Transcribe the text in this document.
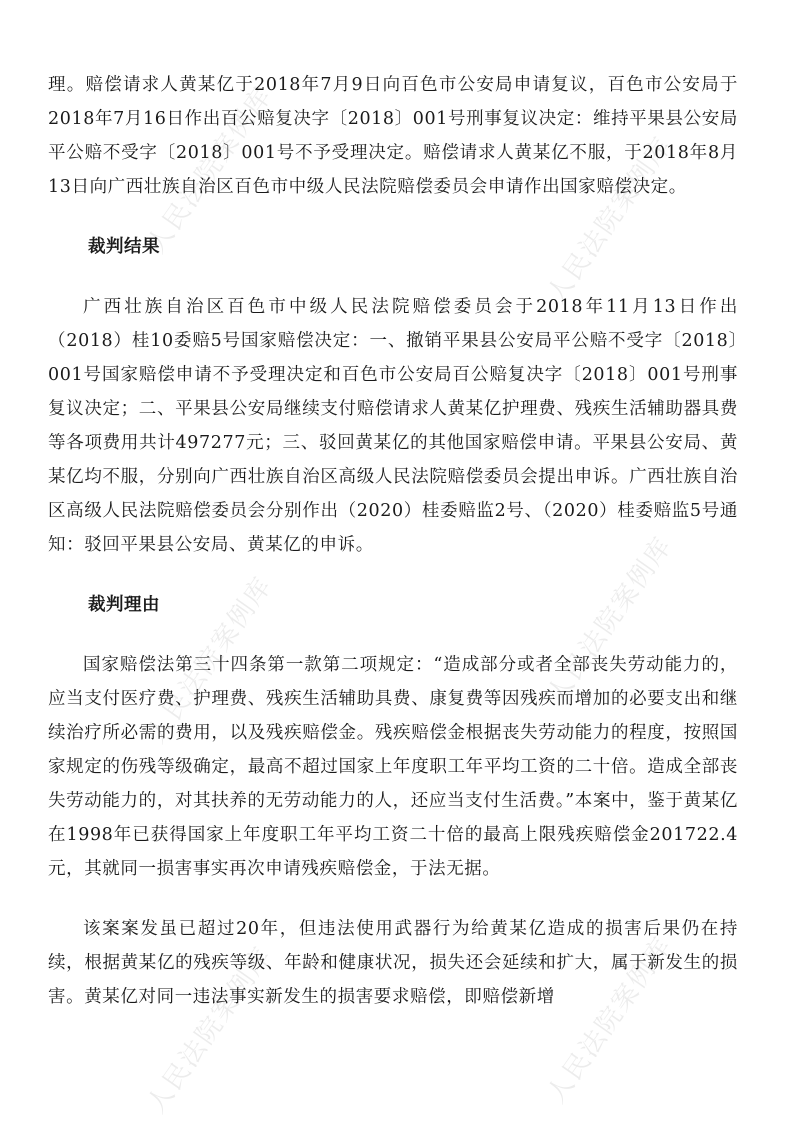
人民法院案例库	人民法院案例库
人民法院案例库	人民法院案例库
人民法院案例库	人民法院案例库

理。赔偿请求人黄某亿于2018年7月9日向百色市公安局申请复议，百色市公安局于2018年7月16日作出百公赔复决字〔2018〕001号刑事复议决定：维持平果县公安局平公赔不受字〔2018〕001号不予受理决定。赔偿请求人黄某亿不服，于2018年8月13日向广西壮族自治区百色市中级人民法院赔偿委员会申请作出国家赔偿决定。

裁判结果

广西壮族自治区百色市中级人民法院赔偿委员会于2018年11月13日作出（2018）桂10委赔5号国家赔偿决定：一、撤销平果县公安局平公赔不受字〔2018〕001号国家赔偿申请不予受理决定和百色市公安局百公赔复决字〔2018〕001号刑事复议决定；二、平果县公安局继续支付赔偿请求人黄某亿护理费、残疾生活辅助器具费等各项费用共计497277元；三、驳回黄某亿的其他国家赔偿申请。平果县公安局、黄某亿均不服，分别向广西壮族自治区高级人民法院赔偿委员会提出申诉。广西壮族自治区高级人民法院赔偿委员会分别作出（2020）桂委赔监2号、（2020）桂委赔监5号通知：驳回平果县公安局、黄某亿的申诉。

裁判理由

国家赔偿法第三十四条第一款第二项规定：“造成部分或者全部丧失劳动能力的，应当支付医疗费、护理费、残疾生活辅助具费、康复费等因残疾而增加的必要支出和继续治疗所必需的费用，以及残疾赔偿金。残疾赔偿金根据丧失劳动能力的程度，按照国家规定的伤残等级确定，最高不超过国家上年度职工年平均工资的二十倍。造成全部丧失劳动能力的，对其扶养的无劳动能力的人，还应当支付生活费。”本案中，鉴于黄某亿在1998年已获得国家上年度职工年平均工资二十倍的最高上限残疾赔偿金201722.4元，其就同一损害事实再次申请残疾赔偿金，于法无据。

该案案发虽已超过20年，但违法使用武器行为给黄某亿造成的损害后果仍在持续，根据黄某亿的残疾等级、年龄和健康状况，损失还会延续和扩大，属于新发生的损害。黄某亿对同一违法事实新发生的损害要求赔偿，即赔偿新增
